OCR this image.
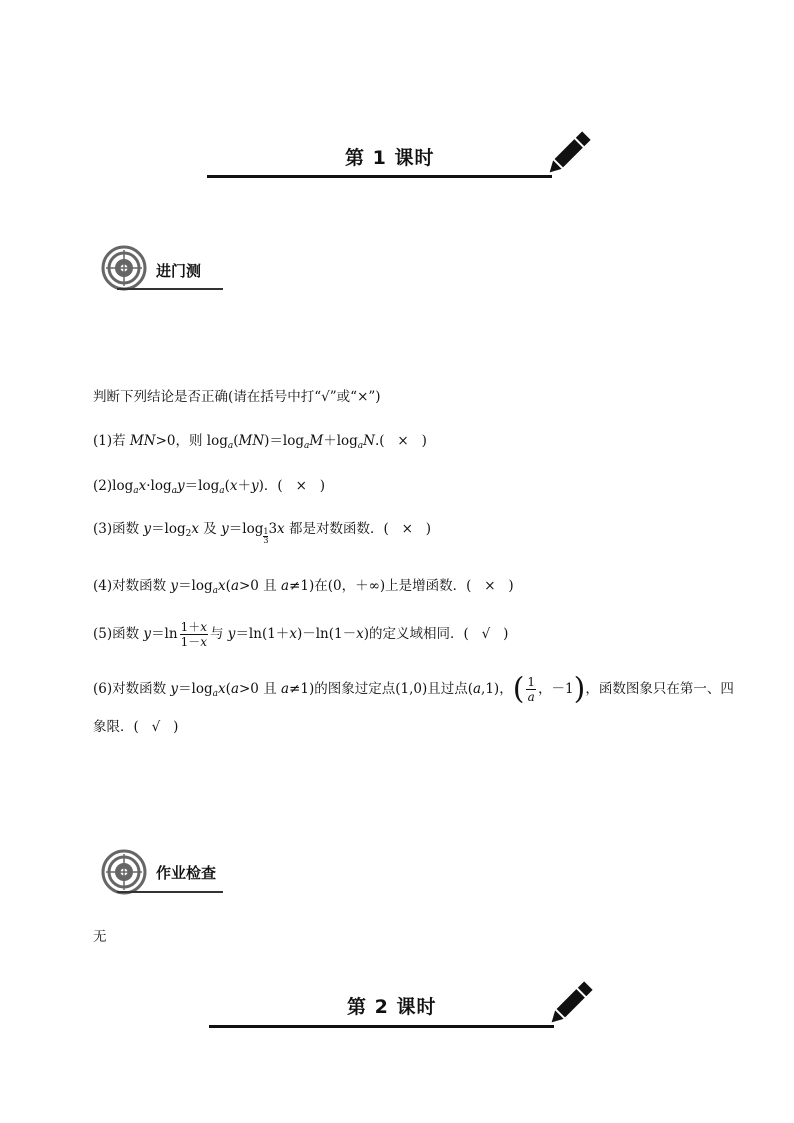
第 1 课时
进门测
判断下列结论是否正确(请在括号中打“√”或“×”)
(1)若 MN>0，则 $\log_a(MN)=\log_aM+\log_aN$.(   ×   )
$(2)\log_ax\cdot\log_ay=\log_a(x+y)$．(   ×   )
(3)函数 $y=\log_2x$ 及 $y=\log \frac{1}{3}3x$ 都是对数函数．(   ×   )
(4)对数函数 $y=\log_ax(a>0$ 且 a≠1)在(0，＋∞)上是增函数．(   ×   )
(5)函数 $y=\ln \frac{1+x}{1-x}$ 与 y＝ln(1＋x)－ln(1－x)的定义域相同．(   √   )
(6)对数函数 $y=\log_ax(a>0$ 且 a≠1)的图象过定点(1,0)且过点(a,1)，( $\frac{1}{a}$ ，－1)，函数图象只在第一、四
象限．( √   )
作业检查
无
第 2 课时
